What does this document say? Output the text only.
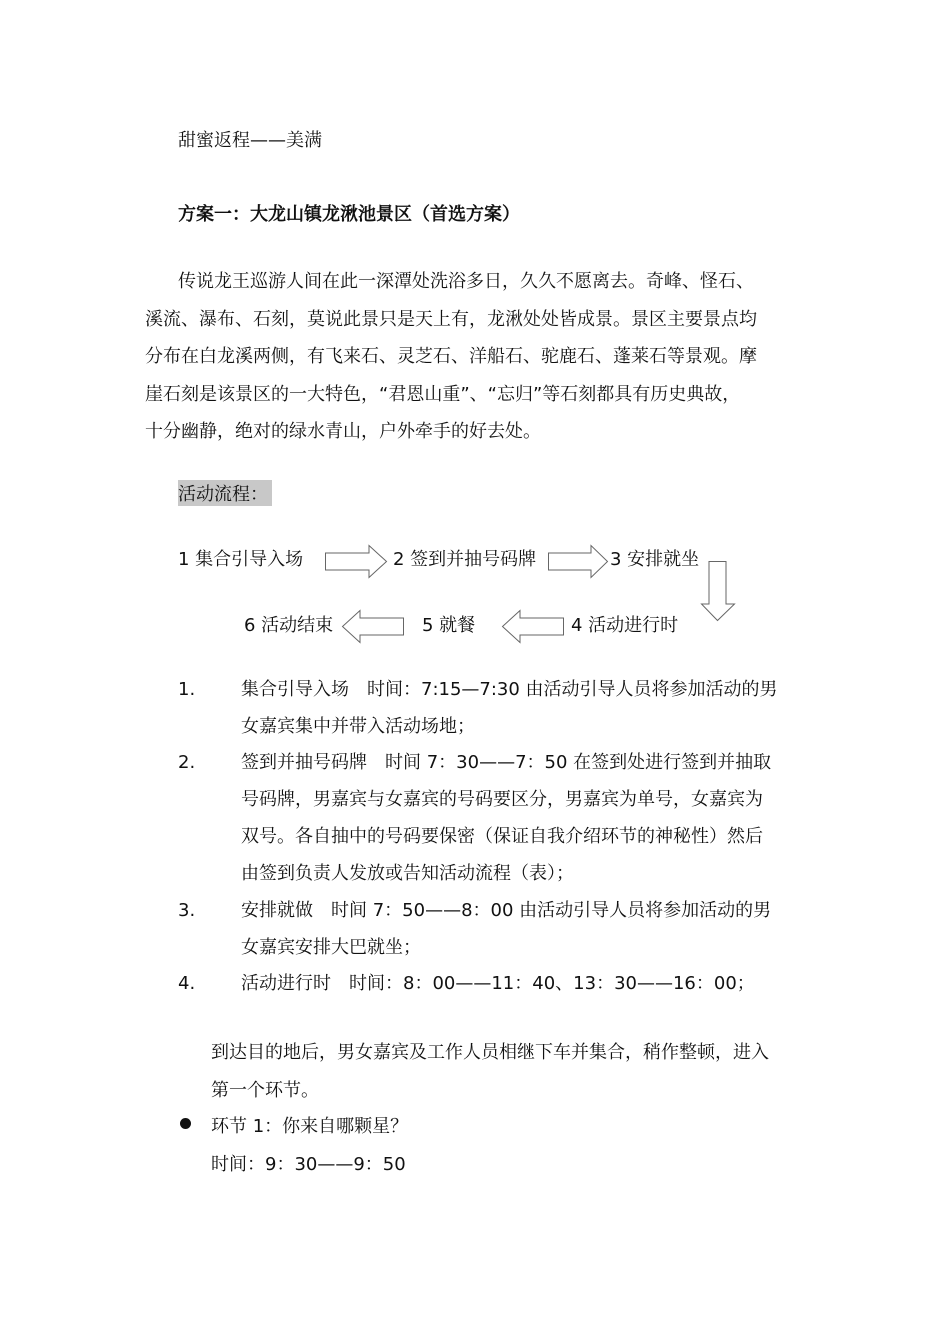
甜蜜返程——美满
方案一：大龙山镇龙湫池景区（首选方案）
传说龙王巡游人间在此一深潭处洗浴多日，久久不愿离去。奇峰、怪石、
溪流、瀑布、石刻，莫说此景只是天上有，龙湫处处皆成景。景区主要景点均
分布在白龙溪两侧，有飞来石、灵芝石、洋船石、驼鹿石、蓬莱石等景观。摩
崖石刻是该景区的一大特色，“君恩山重”、“忘归”等石刻都具有历史典故，
十分幽静，绝对的绿水青山，户外牵手的好去处。
活动流程：
1 集合引导入场	2 签到并抽号码牌	3 安排就坐
4 活动进行时
5 就餐
6 活动结束
1.	集合引导入场　时间：7:15—7:30 由活动引导人员将参加活动的男
女嘉宾集中并带入活动场地；
2.	签到并抽号码牌　时间 7：30——7：50 在签到处进行签到并抽取
号码牌，男嘉宾与女嘉宾的号码要区分，男嘉宾为单号，女嘉宾为
双号。各自抽中的号码要保密（保证自我介绍环节的神秘性）然后
由签到负责人发放或告知活动流程（表）；
3.	安排就做　时间 7：50——8：00 由活动引导人员将参加活动的男
女嘉宾安排大巴就坐；
4.	活动进行时　时间：8：00——11：40、13：30——16：00；
到达目的地后，男女嘉宾及工作人员相继下车并集合，稍作整顿，进入
第一个环节。
环节 1：你来自哪颗星？
时间：9：30——9：50
